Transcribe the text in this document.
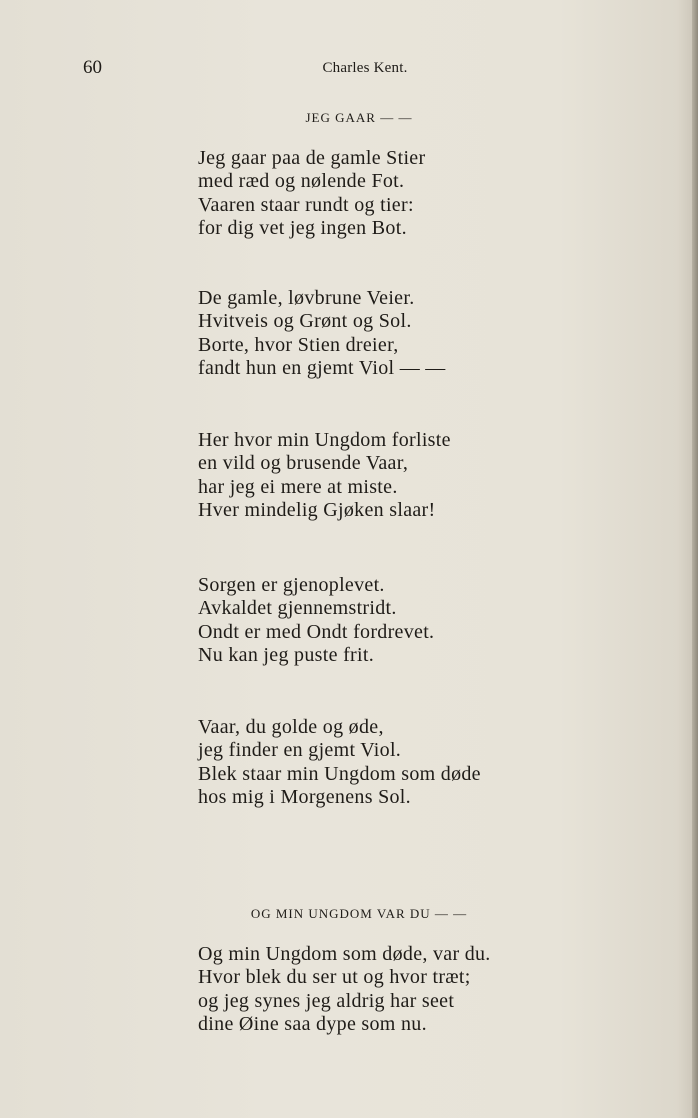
60	Charles Kent.
JEG GAAR — —
Jeg gaar paa de gamle Stier
med ræd og nølende Fot.
Vaaren staar rundt og tier:
for dig vet jeg ingen Bot.
De gamle, løvbrune Veier.
Hvitveis og Grønt og Sol.
Borte, hvor Stien dreier,
fandt hun en gjemt Viol — —
Her hvor min Ungdom forliste
en vild og brusende Vaar,
har jeg ei mere at miste.
Hver mindelig Gjøken slaar!
Sorgen er gjenoplevet.
Avkaldet gjennemstridt.
Ondt er med Ondt fordrevet.
Nu kan jeg puste frit.
Vaar, du golde og øde,
jeg finder en gjemt Viol.
Blek staar min Ungdom som døde
hos mig i Morgenens Sol.
OG MIN UNGDOM VAR DU — —
Og min Ungdom som døde, var du.
Hvor blek du ser ut og hvor træt;
og jeg synes jeg aldrig har seet
dine Øine saa dype som nu.
